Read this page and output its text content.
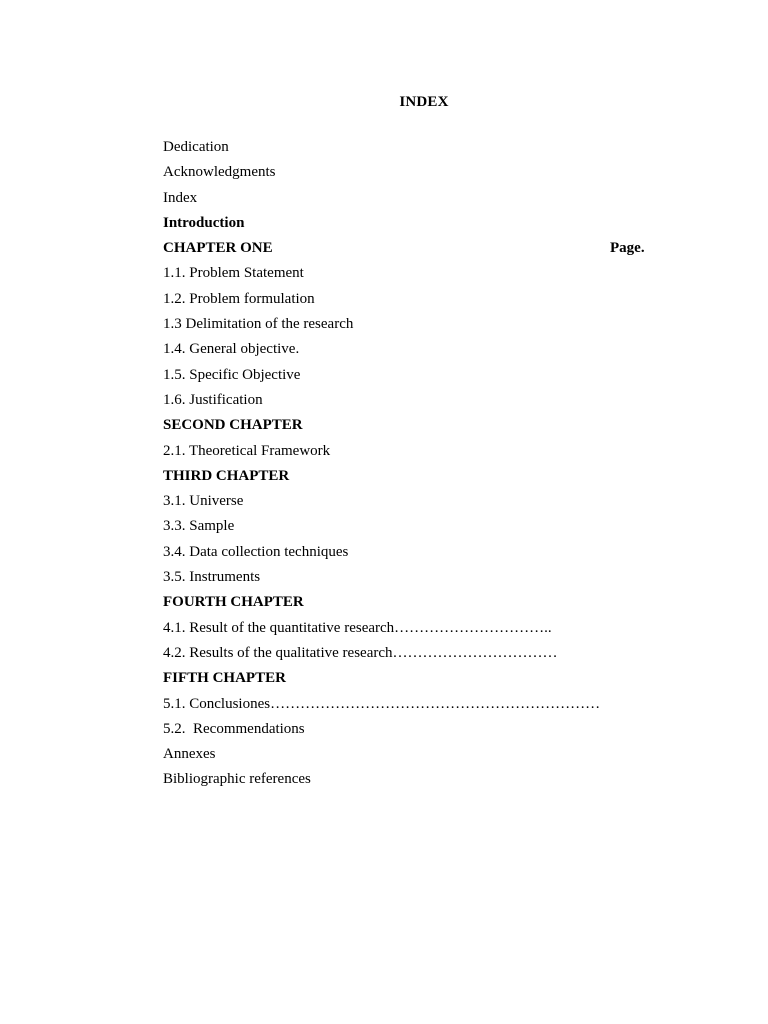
INDEX
Dedication
Acknowledgments
Index
Introduction
CHAPTER ONE	Page.
1.1. Problem Statement
1.2. Problem formulation
1.3 Delimitation of the research
1.4. General objective.
1.5. Specific Objective
1.6. Justification
SECOND CHAPTER
2.1. Theoretical Framework
THIRD CHAPTER
3.1. Universe
3.3. Sample
3.4. Data collection techniques
3.5. Instruments
FOURTH CHAPTER
4.1. Result of the quantitative research…………………………..
4.2. Results of the qualitative research……………………………
FIFTH CHAPTER
5.1. Conclusiones…………………………………………………………
5.2.  Recommendations
Annexes
Bibliographic references
